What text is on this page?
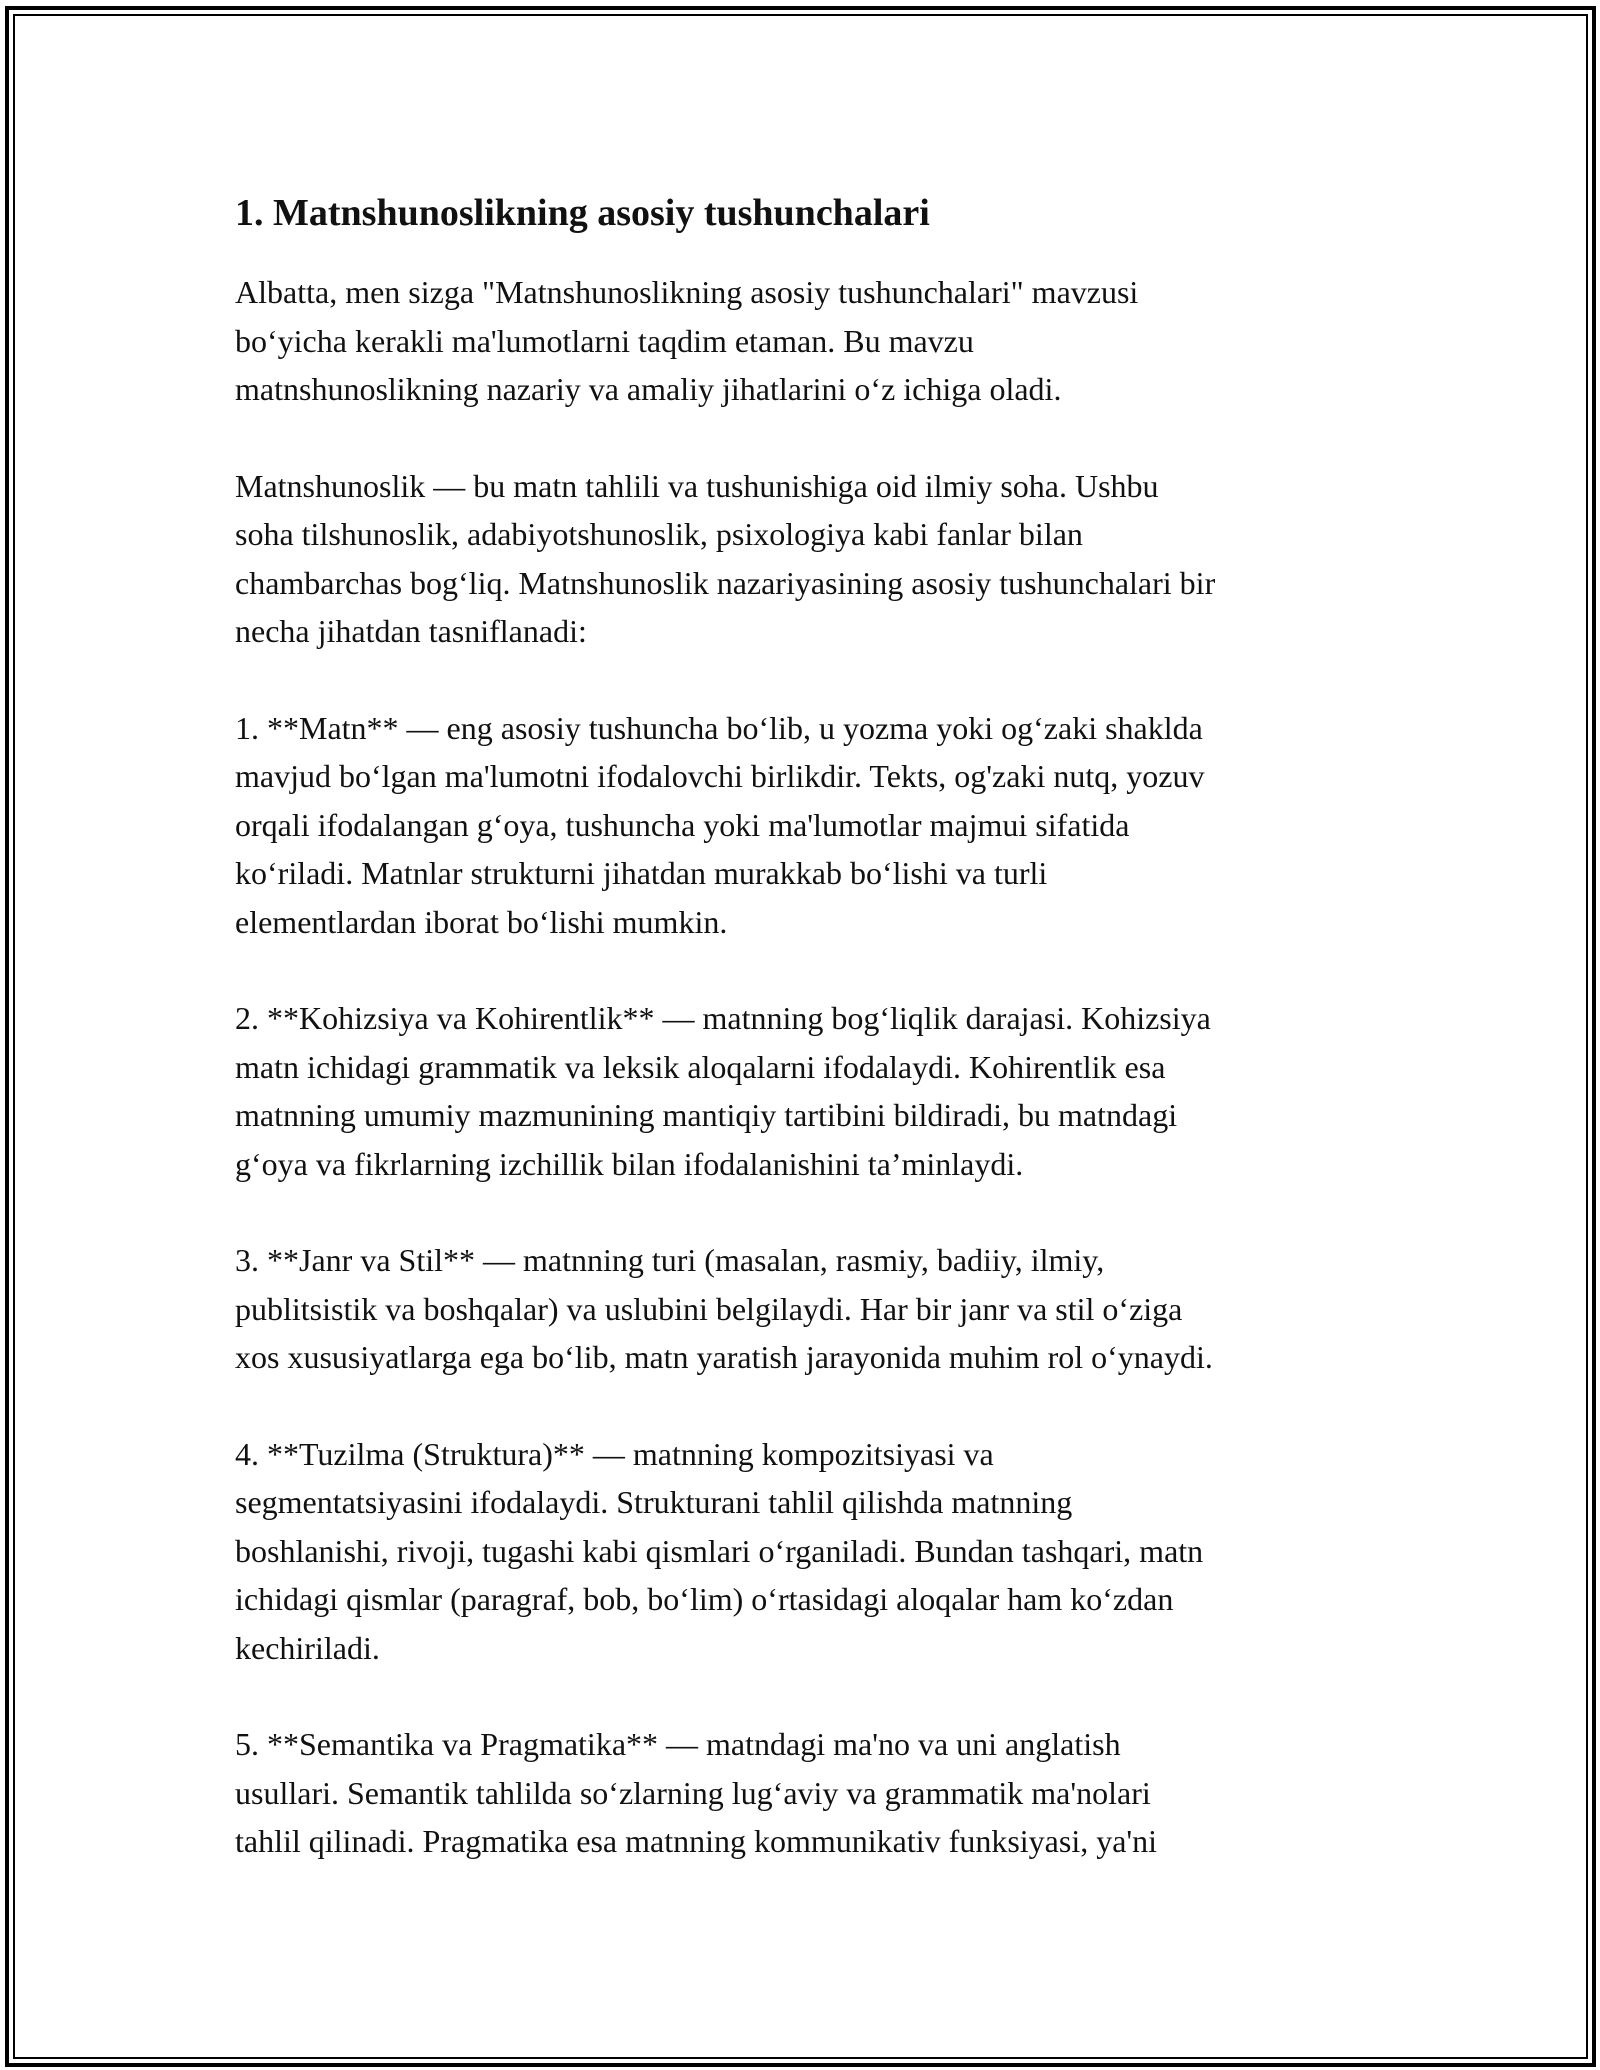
1. Matnshunoslikning asosiy tushunchalari

Albatta, men sizga "Matnshunoslikning asosiy tushunchalari" mavzusi
bo‘yicha kerakli ma'lumotlarni taqdim etaman. Bu mavzu
matnshunoslikning nazariy va amaliy jihatlarini o‘z ichiga oladi.

Matnshunoslik — bu matn tahlili va tushunishiga oid ilmiy soha. Ushbu
soha tilshunoslik, adabiyotshunoslik, psixologiya kabi fanlar bilan
chambarchas bog‘liq. Matnshunoslik nazariyasining asosiy tushunchalari bir
necha jihatdan tasniflanadi:

1. **Matn** — eng asosiy tushuncha bo‘lib, u yozma yoki og‘zaki shaklda
mavjud bo‘lgan ma'lumotni ifodalovchi birlikdir. Tekts, og'zaki nutq, yozuv
orqali ifodalangan g‘oya, tushuncha yoki ma'lumotlar majmui sifatida
ko‘riladi. Matnlar strukturni jihatdan murakkab bo‘lishi va turli
elementlardan iborat bo‘lishi mumkin.

2. **Kohizsiya va Kohirentlik** — matnning bog‘liqlik darajasi. Kohizsiya
matn ichidagi grammatik va leksik aloqalarni ifodalaydi. Kohirentlik esa
matnning umumiy mazmunining mantiqiy tartibini bildiradi, bu matndagi
g‘oya va fikrlarning izchillik bilan ifodalanishini ta’minlaydi.

3. **Janr va Stil** — matnning turi (masalan, rasmiy, badiiy, ilmiy,
publitsistik va boshqalar) va uslubini belgilaydi. Har bir janr va stil o‘ziga
xos xususiyatlarga ega bo‘lib, matn yaratish jarayonida muhim rol o‘ynaydi.

4. **Tuzilma (Struktura)** — matnning kompozitsiyasi va
segmentatsiyasini ifodalaydi. Strukturani tahlil qilishda matnning
boshlanishi, rivoji, tugashi kabi qismlari o‘rganiladi. Bundan tashqari, matn
ichidagi qismlar (paragraf, bob, bo‘lim) o‘rtasidagi aloqalar ham ko‘zdan
kechiriladi.

5. **Semantika va Pragmatika** — matndagi ma'no va uni anglatish
usullari. Semantik tahlilda so‘zlarning lug‘aviy va grammatik ma'nolari
tahlil qilinadi. Pragmatika esa matnning kommunikativ funksiyasi, ya'ni
